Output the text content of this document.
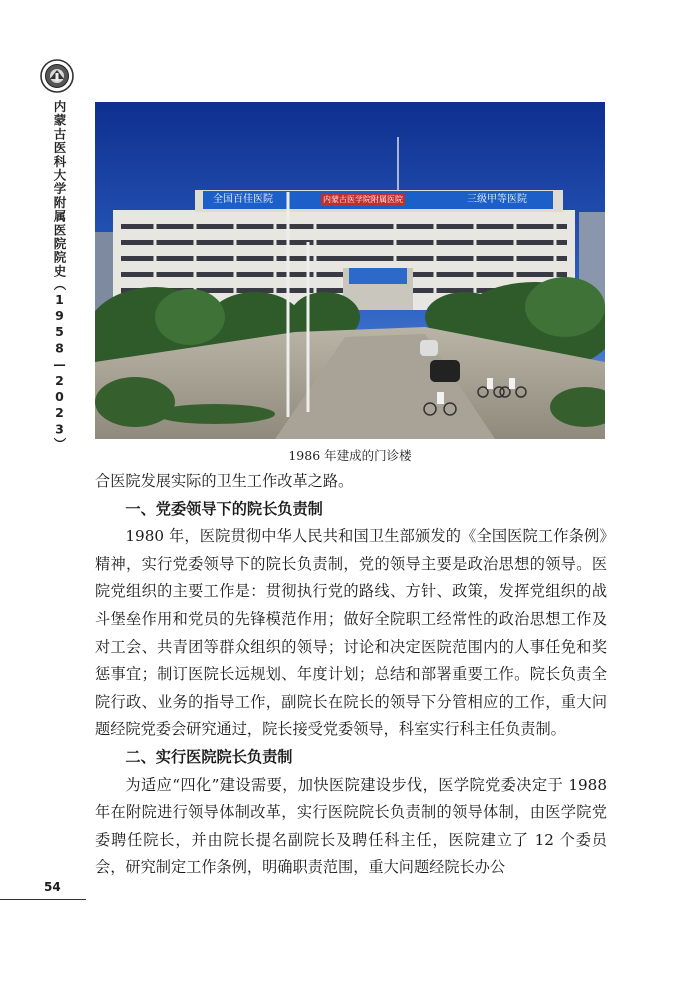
内蒙古医科大学附属医院院史（1958—2023）	全国百佳医院	内蒙古医学院附属医院	三级甲等医院
1986 年建成的门诊楼

合医院发展实际的卫生工作改革之路。

一、党委领导下的院长负责制

1980 年，医院贯彻中华人民共和国卫生部颁发的《全国医院工作条例》精神，实行党委领导下的院长负责制，党的领导主要是政治思想的领导。医院党组织的主要工作是：贯彻执行党的路线、方针、政策，发挥党组织的战斗堡垒作用和党员的先锋模范作用；做好全院职工经常性的政治思想工作及对工会、共青团等群众组织的领导；讨论和决定医院范围内的人事任免和奖惩事宜；制订医院长远规划、年度计划；总结和部署重要工作。院长负责全院行政、业务的指导工作，副院长在院长的领导下分管相应的工作，重大问题经院党委会研究通过，院长接受党委领导，科室实行科主任负责制。

二、实行医院院长负责制

为适应“四化”建设需要，加快医院建设步伐，医学院党委决定于 1988 年在附院进行领导体制改革，实行医院院长负责制的领导体制，由医学院党委聘任院长，并由院长提名副院长及聘任科主任，医院建立了 12 个委员会，研究制定工作条例，明确职责范围，重大问题经院长办公

54
